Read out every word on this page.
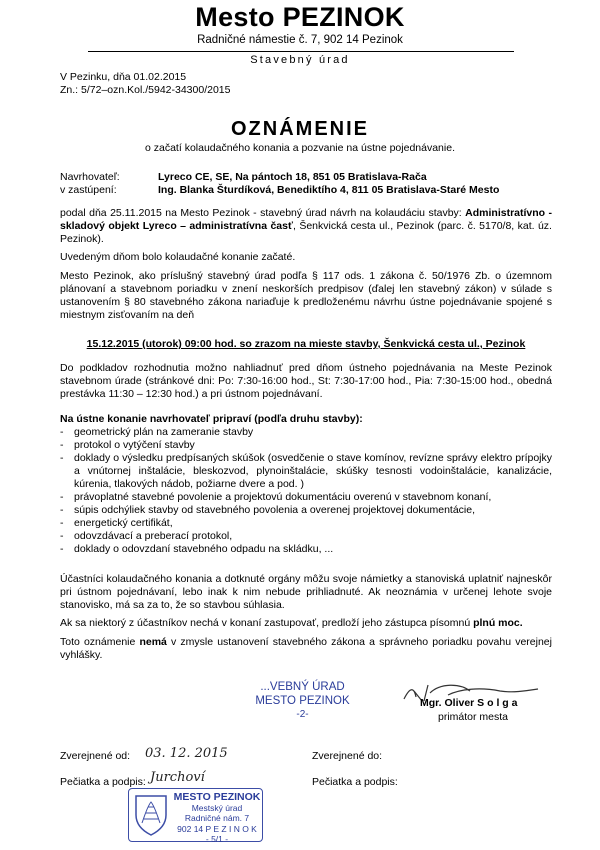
Mesto PEZINOK
Radničné námestie č. 7, 902 14 Pezinok
Stavebný úrad
V Pezinku, dňa 01.02.2015
Zn.: 5/72–ozn.Kol./5942-34300/2015
OZNÁMENIE
o začatí kolaudačného konania a pozvanie na ústne pojednávanie.
Navrhovateľ:	Lyreco CE, SE, Na pántoch 18, 851 05 Bratislava-Rača
v zastúpení:	Ing. Blanka Šturdíková, Benediktího 4, 811 05 Bratislava-Staré Mesto
podal dňa 25.11.2015 na Mesto Pezinok - stavebný úrad návrh na kolaudáciu stavby: Administratívno - skladový objekt Lyreco – administratívna časť, Šenkvická cesta ul., Pezinok (parc. č. 5170/8, kat. úz. Pezinok).
Uvedeným dňom bolo kolaudačné konanie začaté.
Mesto Pezinok, ako príslušný stavebný úrad podľa § 117 ods. 1 zákona č. 50/1976 Zb. o územnom plánovaní a stavebnom poriadku v znení neskorších predpisov (ďalej len stavebný zákon) v súlade s ustanovením § 80 stavebného zákona nariaďuje k predloženému návrhu ústne pojednávanie spojené s miestnym zisťovaním na deň
15.12.2015 (utorok) 09:00 hod. so zrazom na mieste stavby, Šenkvická cesta ul., Pezinok
Do podkladov rozhodnutia možno nahliadnuť pred dňom ústneho pojednávania na Meste Pezinok stavebnom úrade (stránkové dni: Po: 7:30-16:00 hod., St: 7:30-17:00 hod., Pia: 7:30-15:00 hod., obedná prestávka 11:30 – 12:30 hod.) a pri ústnom pojednávaní.
Na ústne konanie navrhovateľ pripraví (podľa druhu stavby):
- geometrický plán na zameranie stavby
- protokol o vytýčení stavby
- doklady o výsledku predpísaných skúšok (osvedčenie o stave komínov, revízne správy elektro prípojky a vnútornej inštalácie, bleskozvod, plynoinštalácie, skúšky tesnosti vodoinštalácie, kanalizácie, kúrenia, tlakových nádob, požiarne dvere a pod. )
- právoplatné stavebné povolenie a projektovú dokumentáciu overenú v stavebnom konaní,
- súpis odchýliek stavby od stavebného povolenia a overenej projektovej dokumentácie,
- energetický certifikát,
- odovzdávací a preberací protokol,
- doklady o odovzdaní stavebného odpadu na skládku, ...
Účastníci kolaudačného konania a dotknuté orgány môžu svoje námietky a stanoviská uplatniť najneskôr pri ústnom pojednávaní, lebo inak k nim nebude prihliadnuté. Ak neoznámia v určenej lehote svoje stanovisko, má sa za to, že so stavbou súhlasia.
Ak sa niektorý z účastníkov nechá v konaní zastupovať, predloží jeho zástupca písomnú plnú moc.
Toto oznámenie nemá v zmysle ustanovení stavebného zákona a správneho poriadku povahu verejnej vyhlášky.
...VEBNÝ ÚRAD
MESTO PEZINOK
-2-
Mgr. Oliver S o l g a
primátor mesta
Zverejnené od: 03. 12. 2015	Zverejnené do:
Pečiatka a podpis: Jurchoví	Pečiatka a podpis:
MESTO PEZINOK
Mestský úrad
Radničné nám. 7
902 14 P E Z I N O K
- 5/1 -
